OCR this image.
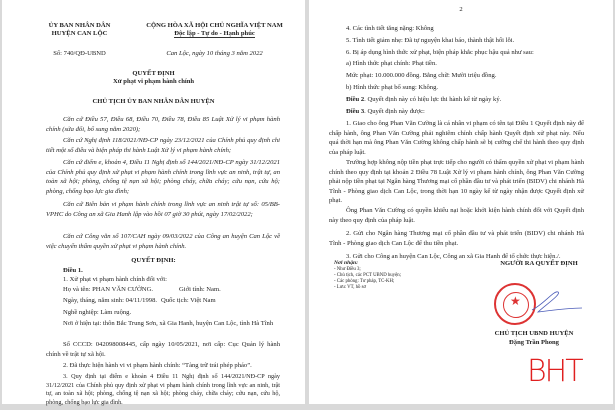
ỦY BAN NHÂN DÂN
HUYỆN CAN LỘC
CỘNG HÒA XÃ HỘI CHỦ NGHĨA VIỆT NAM
Độc lập - Tự do - Hạnh phúc
Số: 740/QĐ-UBND	Can Lộc, ngày 10 tháng 3 năm 2022
QUYẾT ĐỊNH
Xử phạt vi phạm hành chính
CHỦ TỊCH ỦY BAN NHÂN DÂN HUYỆN
Căn cứ Điều 57, Điều 68, Điều 70, Điều 78, Điều 85 Luật Xử lý vi phạm hành chính (sửa đổi, bổ sung năm 2020);
Căn cứ Nghị định 118/2021/NĐ-CP ngày 23/12/2021 của Chính phủ quy định chi tiết một số điều và biện pháp thi hành Luật Xử lý vi phạm hành chính;
Căn cứ điểm e, khoản 4, Điều 11 Nghị định số 144/2021/NĐ-CP ngày 31/12/2021 của Chính phủ quy định xử phạt vi phạm hành chính trong lĩnh vực an ninh, trật tự, an toàn xã hội; phòng, chống tệ nạn xã hội; phòng cháy, chữa cháy; cứu nạn, cứu hộ; phòng, chống bạo lực gia đình;
Căn cứ Biên bản vi phạm hành chính trong lĩnh vực an ninh trật tự số: 05/BB-VPHC do Công an xã Gia Hanh lập vào hồi 07 giờ 30 phút, ngày 17/02/2022;
Căn cứ Công văn số 107/CAH ngày 09/03/2022 của Công an huyện Can Lộc về việc chuyển thẩm quyền xử phạt vi phạm hành chính.
QUYẾT ĐỊNH:
Điều 1.
1. Xử phạt vi phạm hành chính đối với:
Họ và tên: PHAN VĂN CƯỜNG.	Giới tính: Nam.
Ngày, tháng, năm sinh: 04/11/1998. Quốc tịch: Việt Nam
Nghề nghiệp: Làm ruộng.
Nơi ở hiện tại: thôn Bắc Trung Sơn, xã Gia Hanh, huyện Can Lộc, tỉnh Hà Tĩnh
Số CCCD: 042098008445, cấp ngày 10/05/2021, nơi cấp: Cục Quản lý hành chính về trật tự xã hội.
2. Đã thực hiện hành vi vi phạm hành chính: “Tàng trữ trái phép pháo”.
3. Quy định tại điểm e khoản 4 Điều 11 Nghị định số 144/2021/NĐ-CP ngày 31/12/2021 của Chính phủ quy định xử phạt vi phạm hành chính trong lĩnh vực an ninh, trật tự, an toàn xã hội; phòng, chống tệ nạn xã hội; phòng cháy, chữa cháy; cứu nạn, cứu hộ, phòng, chống bạo lực gia đình.
2
4. Các tình tiết tăng nặng: Không
5. Tình tiết giảm nhẹ: Đã tự nguyện khai báo, thành thật hối lỗi.
6. Bị áp dụng hình thức xử phạt, biện pháp khắc phục hậu quả như sau:
a) Hình thức phạt chính: Phạt tiền.
Mức phạt: 10.000.000 đồng. Bằng chữ: Mười triệu đồng.
b) Hình thức phạt bổ sung: Không.
Điều 2. Quyết định này có hiệu lực thi hành kể từ ngày ký.
Điều 3. Quyết định này được:
1. Giao cho ông Phan Văn Cường là cá nhân vi phạm có tên tại Điều 1 Quyết định này để chấp hành, ông Phan Văn Cường phải nghiêm chỉnh chấp hành Quyết định xử phạt này. Nếu quá thời hạn mà ông Phan Văn Cường không chấp hành sẽ bị cưỡng chế thi hành theo quy định của pháp luật.
Trường hợp không nộp tiền phạt trực tiếp cho người có thẩm quyền xử phạt vi phạm hành chính theo quy định tại khoản 2 Điều 78 Luật Xử lý vi phạm hành chính, ông Phan Văn Cường phải nộp tiền phạt tại Ngân hàng Thương mại cổ phần đầu tư và phát triển (BIDV) chi nhánh Hà Tĩnh - Phòng giao dịch Can Lộc, trong thời hạn 10 ngày kể từ ngày nhận được Quyết định xử phạt.
Ông Phan Văn Cường có quyền khiếu nại hoặc khởi kiện hành chính đối với Quyết định này theo quy định của pháp luật.
2. Gửi cho Ngân hàng Thương mại cổ phần đầu tư và phát triển (BIDV) chi nhánh Hà Tĩnh - Phòng giao dịch Can Lộc để thu tiền phạt.
3. Gửi cho Công an huyện Can Lộc, Công an xã Gia Hanh để tổ chức thực hiện./.
Nơi nhận:
- Như Điều 3;
- Chủ tịch, các PCT UBND huyện;
- Các phòng: Tư pháp, TC-KH;
- Lưu: VT, hồ sơ
NGƯỜI RA QUYẾT ĐỊNH
★
CHỦ TỊCH UBND HUYỆN
Đặng Trần Phong
BHT
